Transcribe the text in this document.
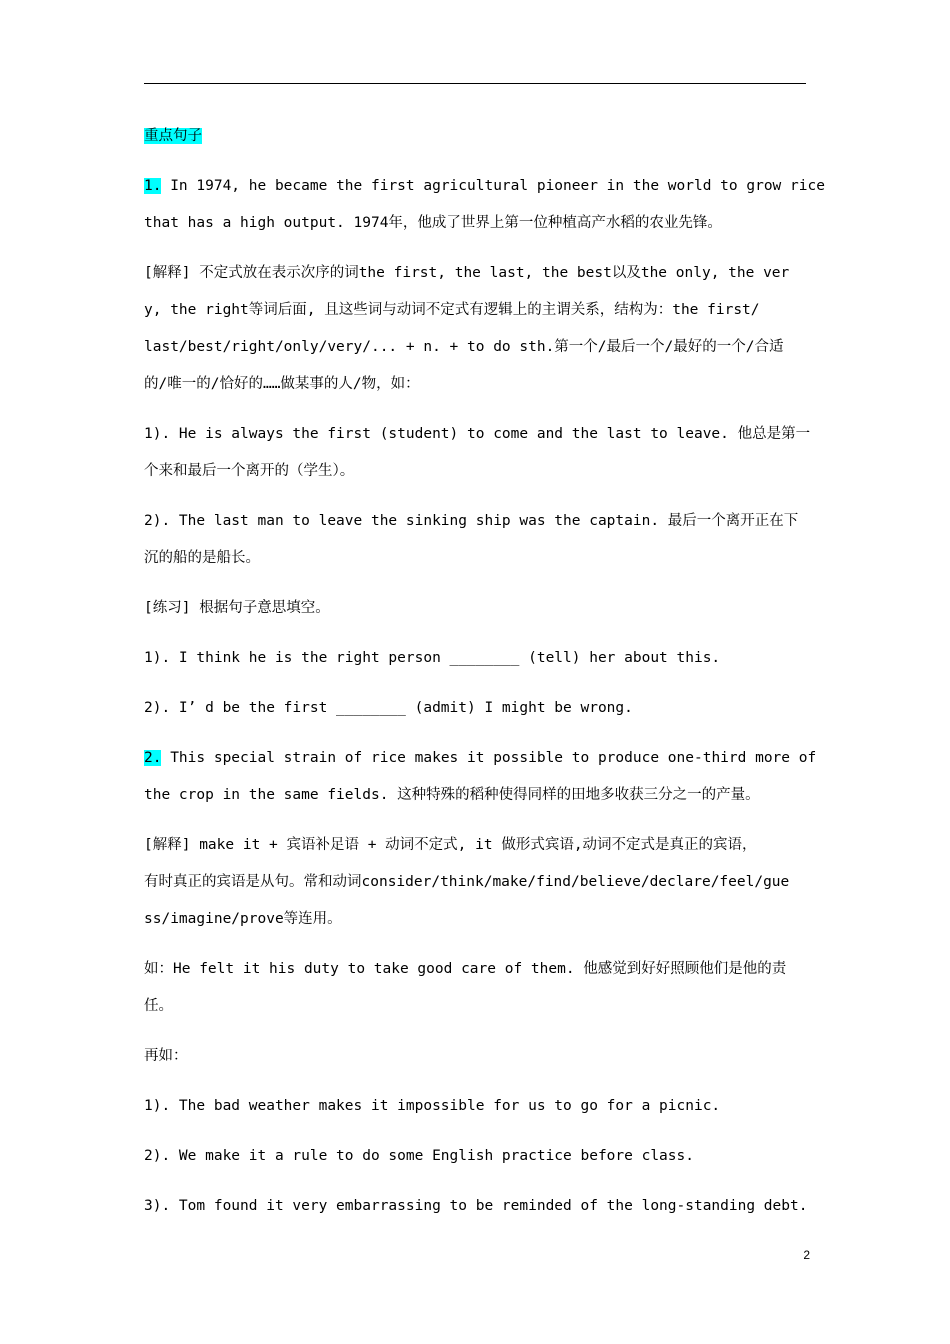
重点句子
1. In 1974, he became the first agricultural pioneer in the world to grow rice
that has a high output. 1974年，他成了世界上第一位种植高产水稻的农业先锋。
[解释] 不定式放在表示次序的词the first, the last, the best以及the only, the ver
y, the right等词后面, 且这些词与动词不定式有逻辑上的主谓关系，结构为：the first/
last/best/right/only/very/... + n. + to do sth.第一个/最后一个/最好的一个/合适
的/唯一的/恰好的……做某事的人/物，如：
1). He is always the first (student) to come and the last to leave. 他总是第一
个来和最后一个离开的（学生）。
2). The last man to leave the sinking ship was the captain. 最后一个离开正在下
沉的船的是船长。
[练习] 根据句子意思填空。
1). I think he is the right person ________ (tell) her about this.
2). I’ d be the first ________ (admit) I might be wrong.
2. This special strain of rice makes it possible to produce one-third more of
the crop in the same fields. 这种特殊的稻种使得同样的田地多收获三分之一的产量。
[解释] make it + 宾语补足语 + 动词不定式, it 做形式宾语,动词不定式是真正的宾语，
有时真正的宾语是从句。常和动词consider/think/make/find/believe/declare/feel/gue
ss/imagine/prove等连用。
如：He felt it his duty to take good care of them. 他感觉到好好照顾他们是他的责
任。
再如：
1). The bad weather makes it impossible for us to go for a picnic.
2). We make it a rule to do some English practice before class.
3). Tom found it very embarrassing to be reminded of the long-standing debt.
2
